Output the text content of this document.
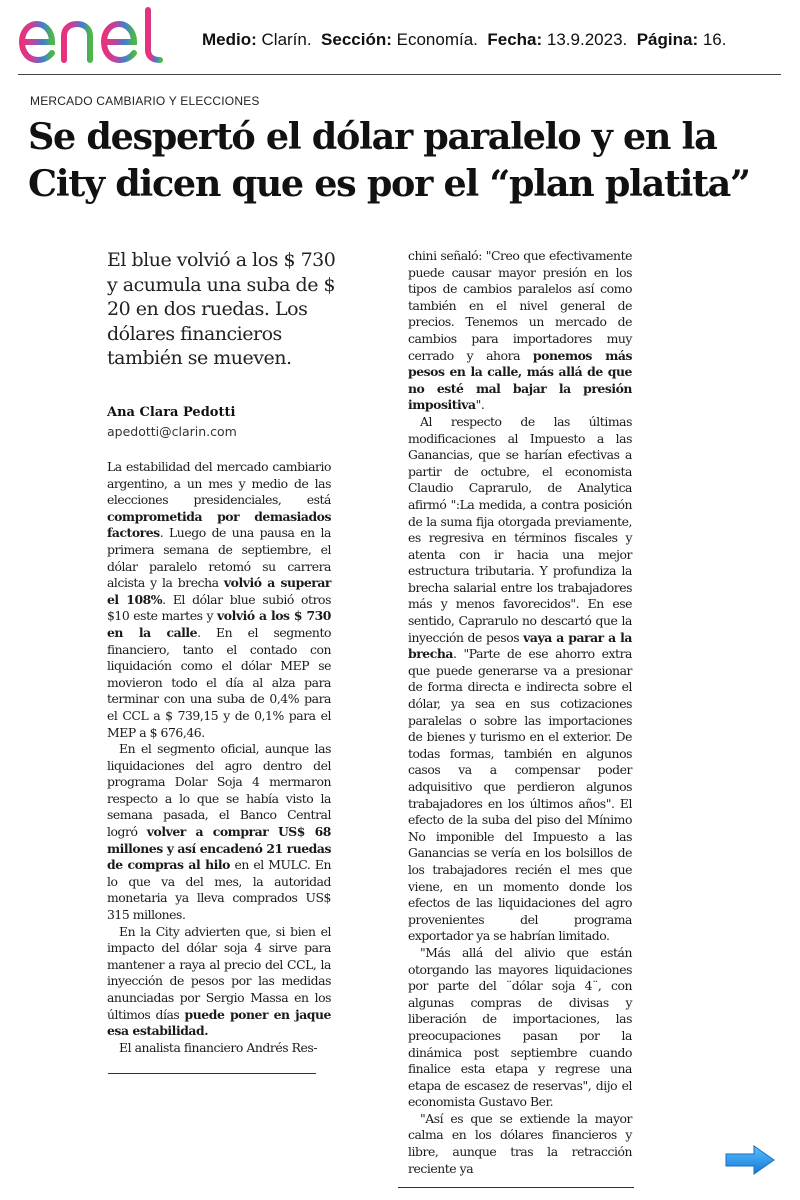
Medio: Clarín. Sección: Economía. Fecha: 13.9.2023. Página: 16.
MERCADO CAMBIARIO Y ELECCIONES
Se despertó el dólar paralelo y en la City dicen que es por el “plan platita”
El blue volvió a los $ 730 y acumula una suba de $ 20 en dos ruedas. Los dólares financieros también se mueven.
Ana Clara Pedotti
apedotti@clarin.com

La estabilidad del mercado cambiario argentino, a un mes y medio de las elecciones presidenciales, está comprometida por demasiados factores. Luego de una pausa en la primera semana de septiembre, el dólar paralelo retomó su carrera alcista y la brecha volvió a superar el 108%. El dólar blue subió otros $10 este martes y volvió a los $ 730 en la calle. En el segmento financiero, tanto el contado con liquidación como el dólar MEP se movieron todo el día al alza para terminar con una suba de 0,4% para el CCL a $ 739,15 y de 0,1% para el MEP a $ 676,46.

En el segmento oficial, aunque las liquidaciones del agro dentro del programa Dolar Soja 4 mermaron respecto a lo que se había visto la semana pasada, el Banco Central logró volver a comprar US$ 68 millones y así encadenó 21 ruedas de compras al hilo en el MULC. En lo que va del mes, la autoridad monetaria ya lleva comprados US$ 315 millones.

En la City advierten que, si bien el impacto del dólar soja 4 sirve para mantener a raya al precio del CCL, la inyección de pesos por las medidas anunciadas por Sergio Massa en los últimos días puede poner en jaque esa estabilidad.

El analista financiero Andrés Res-

chini señaló: "Creo que efectivamente puede causar mayor presión en los tipos de cambios paralelos así como también en el nivel general de precios. Tenemos un mercado de cambios para importadores muy cerrado y ahora ponemos más pesos en la calle, más allá de que no esté mal bajar la presión impositiva".

Al respecto de las últimas modificaciones al Impuesto a las Ganancias, que se harían efectivas a partir de octubre, el economista Claudio Caprarulo, de Analytica afirmó ":La medida, a contra posición de la suma fija otorgada previamente, es regresiva en términos fiscales y atenta con ir hacia una mejor estructura tributaria. Y profundiza la brecha salarial entre los trabajadores más y menos favorecidos". En ese sentido, Caprarulo no descartó que la inyección de pesos vaya a parar a la brecha. "Parte de ese ahorro extra que puede generarse va a presionar de forma directa e indirecta sobre el dólar, ya sea en sus cotizaciones paralelas o sobre las importaciones de bienes y turismo en el exterior. De todas formas, también en algunos casos va a compensar poder adquisitivo que perdieron algunos trabajadores en los últimos años". El efecto de la suba del piso del Mínimo No imponible del Impuesto a las Ganancias se vería en los bolsillos de los trabajadores recién el mes que viene, en un momento donde los efectos de las liquidaciones del agro provenientes del programa exportador ya se habrían limitado.

"Más allá del alivio que están otorgando las mayores liquidaciones por parte del ¨dólar soja 4¨, con algunas compras de divisas y liberación de importaciones, las preocupaciones pasan por la dinámica post septiembre cuando finalice esta etapa y regrese una etapa de escasez de reservas", dijo el economista Gustavo Ber.

"Así es que se extiende la mayor calma en los dólares financieros y libre, aunque tras la retracción reciente ya
